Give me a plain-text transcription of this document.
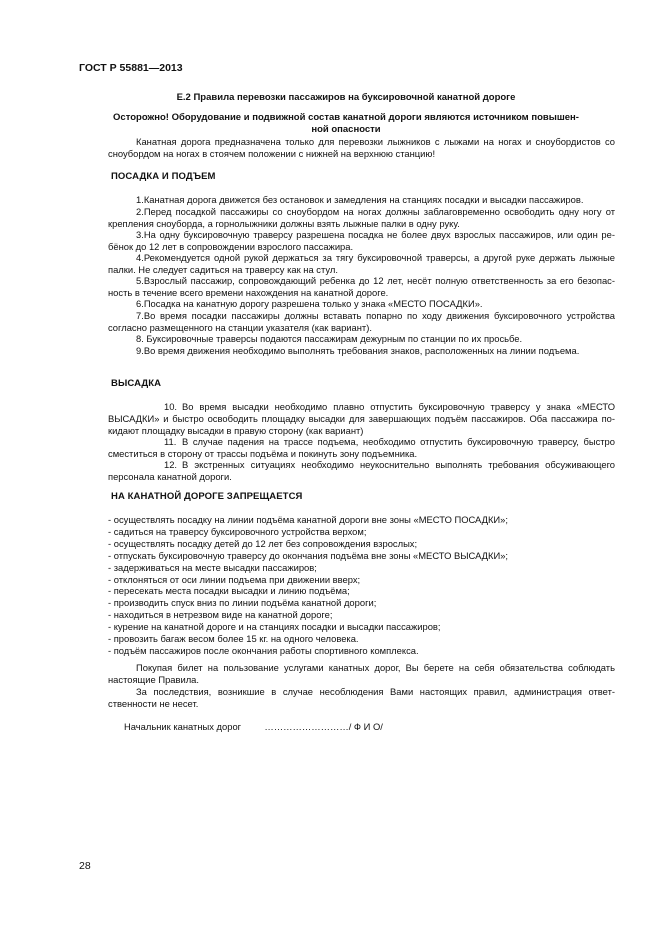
ГОСТ Р 55881—2013
Е.2 Правила перевозки пассажиров на буксировочной канатной дороге
Осторожно! Оборудование и подвижной состав канатной дороги являются источником повышен-
ной опасности

Канатная дорога предназначена только для перевозки лыжников с лыжами на ногах и сноубордистов со сноубордом на ногах в стоячем положении с нижней на верхнюю станцию!

ПОСАДКА И ПОДЪЕМ

1.Канатная дорога движется без остановок и замедления на станциях посадки и высадки пассажиров.

2.Перед посадкой пассажиры со сноубордом на ногах должны заблаговременно освободить одну ногу от крепления сноуборда, а горнолыжники должны взять лыжные палки в одну руку.

3.На одну буксировочную траверсу разрешена посадка не более двух взрослых пассажиров, или один ребёнок до 12 лет в сопровождении взрослого пассажира.

4.Рекомендуется одной рукой держаться за тягу буксировочной траверсы, а другой руке держать лыжные палки. Не следует садиться на траверсу как на стул.

5.Взрослый пассажир, сопровождающий ребенка до 12 лет, несёт полную ответственность за его безопасность в течение всего времени нахождения на канатной дороге.

6.Посадка на канатную дорогу разрешена только у знака «МЕСТО ПОСАДКИ».

7.Во время посадки пассажиры должны вставать попарно по ходу движения буксировочного устройства согласно размещенного на станции указателя (как вариант).

8. Буксировочные траверсы подаются пассажирам дежурным по станции по их просьбе.

9.Во время движения необходимо выполнять требования знаков, расположенных на линии подъема.

ВЫСАДКА

10. Во время высадки необходимо плавно отпустить буксировочную траверсу у знака «МЕСТО ВЫСАДКИ» и быстро освободить площадку высадки для завершающих подъём пассажиров. Оба пассажира покидают площадку высадки в правую сторону (как вариант)

11. В случае падения на трассе подъема, необходимо отпустить буксировочную траверсу, быстро сместиться в сторону от трассы подъёма и покинуть зону подъемника.

12. В экстренных ситуациях необходимо неукоснительно выполнять требования обсуживающего персонала канатной дороги.

НА КАНАТНОЙ ДОРОГЕ ЗАПРЕЩАЕТСЯ
- осуществлять посадку на линии подъёма канатной дороги вне зоны «МЕСТО ПОСАДКИ»;
- садиться на траверсу буксировочного устройства верхом;
- осуществлять посадку детей до 12 лет без сопровождения взрослых;
- отпускать буксировочную траверсу до окончания подъёма вне зоны «МЕСТО ВЫСАДКИ»;
- задерживаться на месте высадки пассажиров;
- отклоняться от оси линии подъема при движении вверх;
- пересекать места посадки высадки и линию подъёма;
- производить спуск вниз по линии подъёма канатной дороги;
- находиться в нетрезвом виде на канатной дороге;
- курение на канатной дороге и на станциях посадки и высадки пассажиров;
- провозить багаж весом более 15 кг. на одного человека.
- подъём пассажиров после окончания работы спортивного комплекса.

Покупая билет на пользование услугами канатных дорог, Вы берете на себя обязательства соблюдать настоящие Правила.

За последствия, возникшие в случае несоблюдения Вами настоящих правил, администрация ответственности не несет.

Начальник канатных дорог ………………………/ Ф И О/
28
